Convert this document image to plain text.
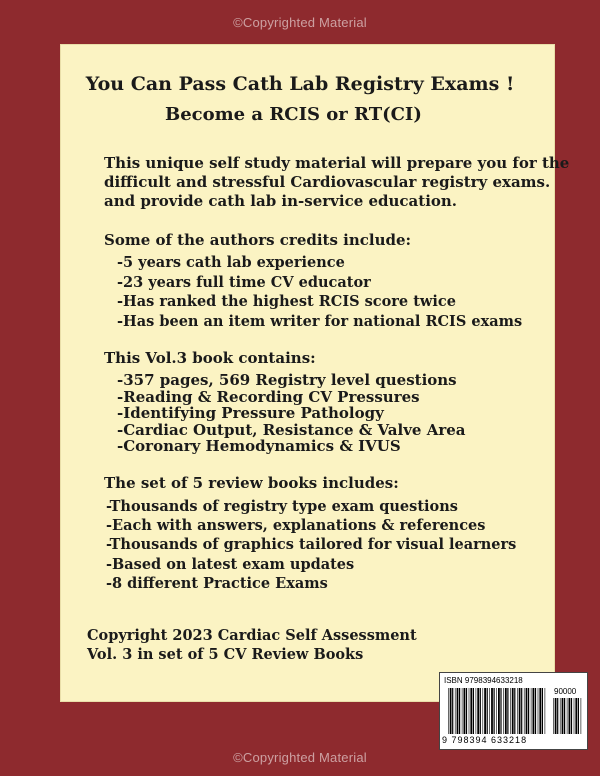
©Copyrighted Material
You Can Pass Cath Lab Registry Exams !
Become a RCIS or RT(CI)
This unique self study material will prepare you for the
difficult and stressful Cardiovascular registry exams.
and provide cath lab in-service education.
Some of the authors credits include:
-5 years cath lab experience
-23 years full time CV educator
-Has ranked the highest RCIS score twice
-Has been an item writer for national RCIS exams
This Vol.3 book contains:
-357 pages, 569 Registry level questions
-Reading & Recording CV Pressures
-Identifying Pressure Pathology
-Cardiac Output, Resistance & Valve Area
-Coronary Hemodynamics & IVUS
The set of 5 review books includes:
-Thousands of registry type exam questions
-Each with answers, explanations & references
-Thousands of graphics tailored for visual learners
-Based on latest exam updates
-8 different Practice Exams
Copyright 2023 Cardiac Self Assessment
Vol. 3 in set of 5 CV Review Books
ISBN 9798394633218
90000
9 798394 633218
©Copyrighted Material
